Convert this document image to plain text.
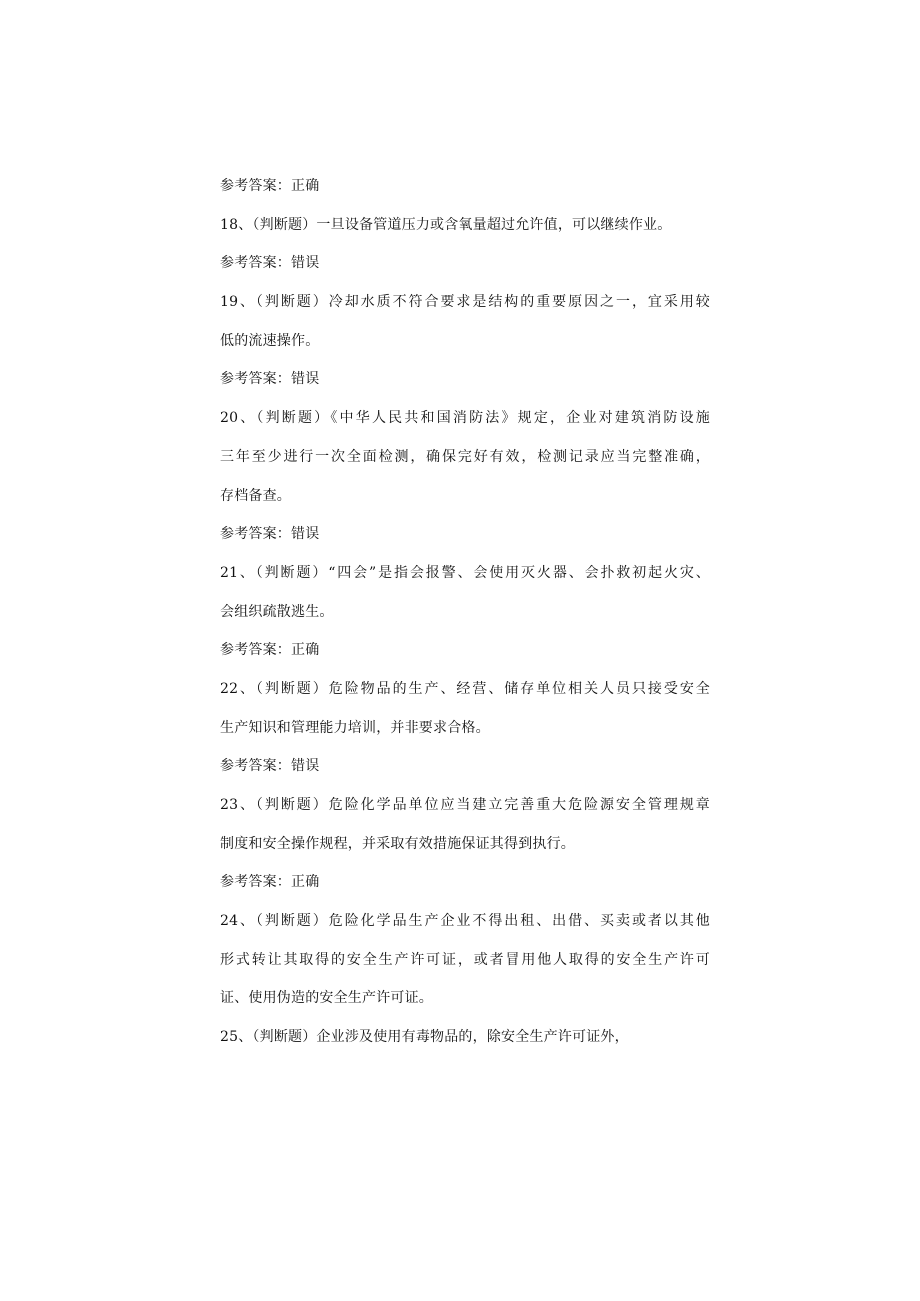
参考答案：正确
18、（判断题）一旦设备管道压力或含氧量超过允许值，可以继续作业。
参考答案：错误
19、（判断题）冷却水质不符合要求是结构的重要原因之一，宜采用较
低的流速操作。
参考答案：错误
20、（判断题）《中华人民共和国消防法》规定，企业对建筑消防设施
三年至少进行一次全面检测，确保完好有效，检测记录应当完整准确，
存档备查。
参考答案：错误
21、（判断题）“四会”是指会报警、会使用灭火器、会扑救初起火灾、
会组织疏散逃生。
参考答案：正确
22、（判断题）危险物品的生产、经营、储存单位相关人员只接受安全
生产知识和管理能力培训，并非要求合格。
参考答案：错误
23、（判断题）危险化学品单位应当建立完善重大危险源安全管理规章
制度和安全操作规程，并采取有效措施保证其得到执行。
参考答案：正确
24、（判断题）危险化学品生产企业不得出租、出借、买卖或者以其他
形式转让其取得的安全生产许可证，或者冒用他人取得的安全生产许可
证、使用伪造的安全生产许可证。
25、（判断题）企业涉及使用有毒物品的，除安全生产许可证外，
